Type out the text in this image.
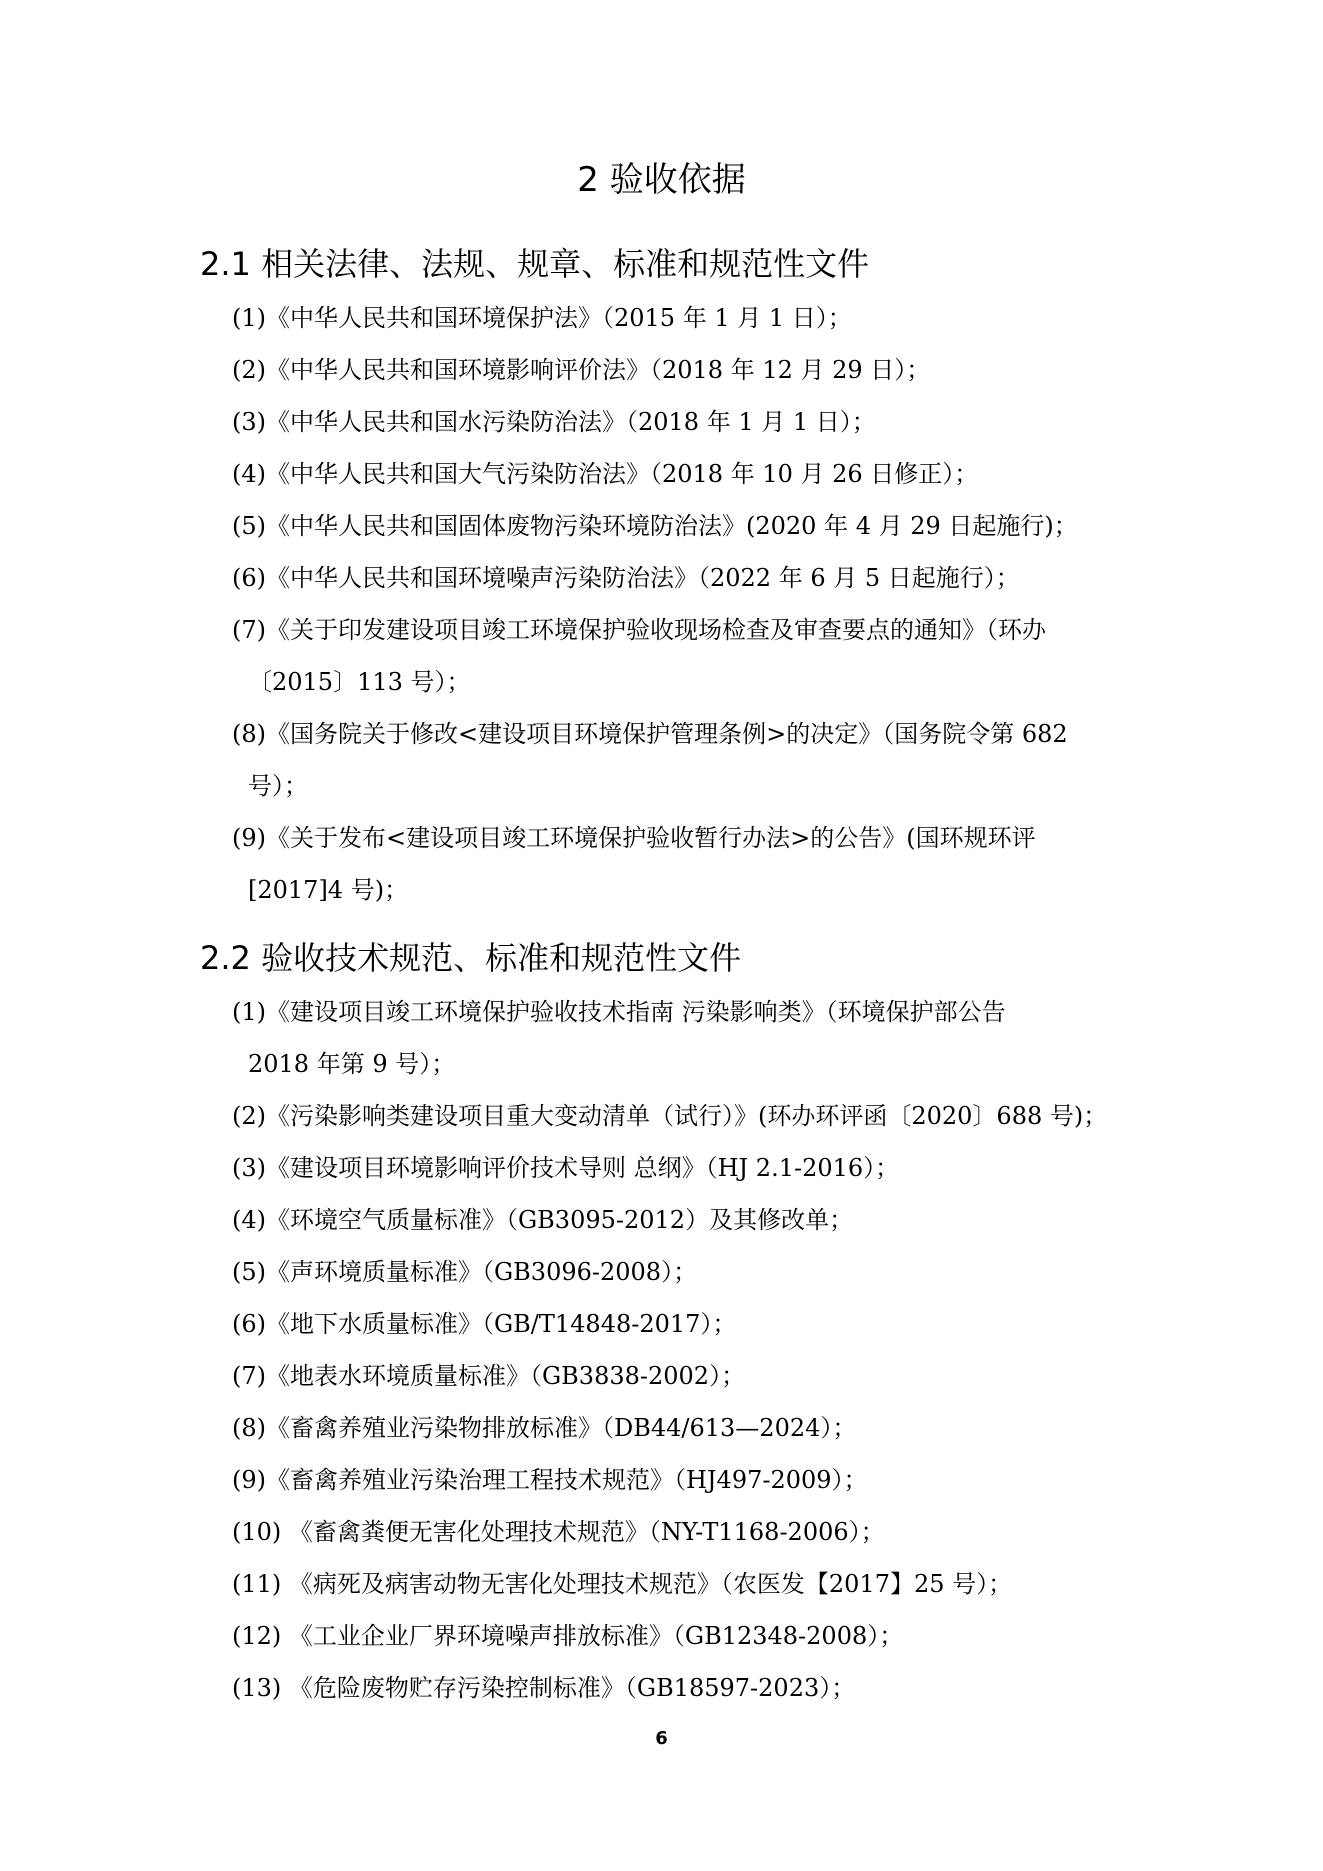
2 验收依据
2.1 相关法律、法规、规章、标准和规范性文件
(1)《中华人民共和国环境保护法》（2015 年 1 月 1 日）；
(2)《中华人民共和国环境影响评价法》（2018 年 12 月 29 日）；
(3)《中华人民共和国水污染防治法》（2018 年 1 月 1 日）；
(4)《中华人民共和国大气污染防治法》（2018 年 10 月 26 日修正）；
(5)《中华人民共和国固体废物污染环境防治法》(2020 年 4 月 29 日起施行)；
(6)《中华人民共和国环境噪声污染防治法》（2022 年 6 月 5 日起施行）；
(7)《关于印发建设项目竣工环境保护验收现场检查及审查要点的通知》（环办
〔2015〕113 号）；
(8)《国务院关于修改<建设项目环境保护管理条例>的决定》（国务院令第 682
号）；
(9)《关于发布<建设项目竣工环境保护验收暂行办法>的公告》(国环规环评
[2017]4 号)；
2.2 验收技术规范、标准和规范性文件
(1)《建设项目竣工环境保护验收技术指南 污染影响类》（环境保护部公告
2018 年第 9 号）；
(2)《污染影响类建设项目重大变动清单（试行）》(环办环评函〔2020〕688 号)；
(3)《建设项目环境影响评价技术导则 总纲》（HJ 2.1-2016）；
(4)《环境空气质量标准》（GB3095-2012）及其修改单；
(5)《声环境质量标准》（GB3096-2008）；
(6)《地下水质量标准》（GB/T14848-2017）；
(7)《地表水环境质量标准》（GB3838-2002）；
(8)《畜禽养殖业污染物排放标准》（DB44/613—2024）；
(9)《畜禽养殖业污染治理工程技术规范》（HJ497-2009）；
(10) 《畜禽粪便无害化处理技术规范》（NY-T1168-2006）；
(11) 《病死及病害动物无害化处理技术规范》（农医发【2017】25 号）；
(12) 《工业企业厂界环境噪声排放标准》（GB12348-2008）；
(13) 《危险废物贮存污染控制标准》（GB18597-2023）；
6
